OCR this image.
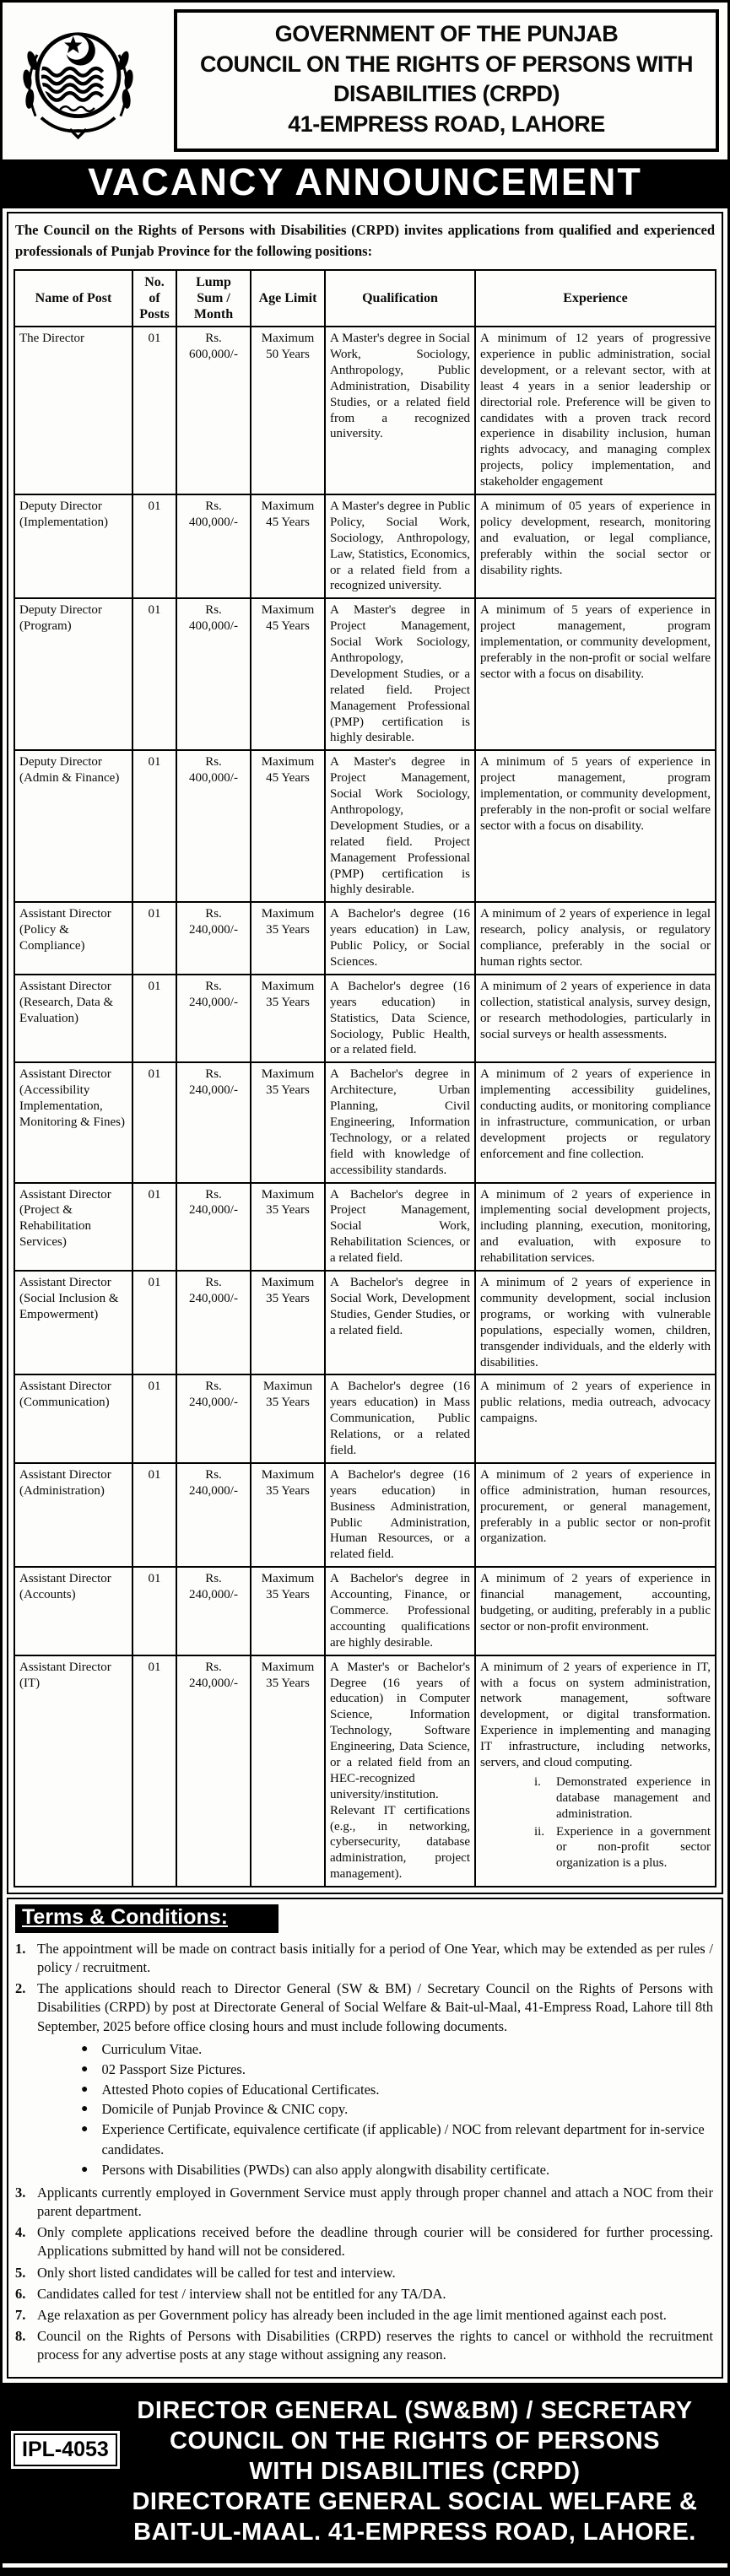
GOVERNMENT OF THE PUNJAB
COUNCIL ON THE RIGHTS OF PERSONS WITH
DISABILITIES (CRPD)
41-EMPRESS ROAD, LAHORE
VACANCY ANNOUNCEMENT
The Council on the Rights of Persons with Disabilities (CRPD) invites applications from qualified and experienced professionals of Punjab Province for the following positions:
Name of Post	No. of Posts	Lump Sum / Month	Age Limit	Qualification	Experience
The Director	01	Rs. 600,000/-	Maximum 50 Years	A Master's degree in Social Work, Sociology, Anthropology, Public Administration, Disability Studies, or a related field from a recognized university.	A minimum of 12 years of progressive experience in public administration, social development, or a relevant sector, with at least 4 years in a senior leadership or directorial role. Preference will be given to candidates with a proven track record experience in disability inclusion, human rights advocacy, and managing complex projects, policy implementation, and stakeholder engagement

Deputy Director (Implementation)	01	Rs. 400,000/-	Maximum 45 Years	A Master's degree in Public Policy, Social Work, Sociology, Anthropology, Law, Statistics, Economics, or a related field from a recognized university.	A minimum of 05 years of experience in policy development, research, monitoring and evaluation, or legal compliance, preferably within the social sector or disability rights.

Deputy Director (Program)	01	Rs. 400,000/-	Maximum 45 Years	A Master's degree in Project Management, Social Work Sociology, Anthropology, Development Studies, or a related field. Project Management Professional (PMP) certification is highly desirable.	A minimum of 5 years of experience in project management, program implementation, or community development, preferably in the non-profit or social welfare sector with a focus on disability.

Deputy Director (Admin & Finance)	01	Rs. 400,000/-	Maximum 45 Years	A Master's degree in Project Management, Social Work Sociology, Anthropology, Development Studies, or a related field. Project Management Professional (PMP) certification is highly desirable.	A minimum of 5 years of experience in project management, program implementation, or community development, preferably in the non-profit or social welfare sector with a focus on disability.

Assistant Director (Policy & Compliance)	01	Rs. 240,000/-	Maximum 35 Years	A Bachelor's degree (16 years education) in Law, Public Policy, or Social Sciences.	A minimum of 2 years of experience in legal research, policy analysis, or regulatory compliance, preferably in the social or human rights sector.

Assistant Director (Research, Data & Evaluation)	01	Rs. 240,000/-	Maximum 35 Years	A Bachelor's degree (16 years education) in Statistics, Data Science, Sociology, Public Health, or a related field.	A minimum of 2 years of experience in data collection, statistical analysis, survey design, or research methodologies, particularly in social surveys or health assessments.

Assistant Director (Accessibility Implementation, Monitoring & Fines)	01	Rs. 240,000/-	Maximum 35 Years	A Bachelor's degree in Architecture, Urban Planning, Civil Engineering, Information Technology, or a related field with knowledge of accessibility standards.	A minimum of 2 years of experience in implementing accessibility guidelines, conducting audits, or monitoring compliance in infrastructure, communication, or urban development projects or regulatory enforcement and fine collection.

Assistant Director (Project & Rehabilitation Services)	01	Rs. 240,000/-	Maximum 35 Years	A Bachelor's degree in Project Management, Social Work, Rehabilitation Sciences, or a related field.	A minimum of 2 years of experience in implementing social development projects, including planning, execution, monitoring, and evaluation, with exposure to rehabilitation services.

Assistant Director (Social Inclusion & Empowerment)	01	Rs. 240,000/-	Maximum 35 Years	A Bachelor's degree in Social Work, Development Studies, Gender Studies, or a related field.	A minimum of 2 years of experience in community development, social inclusion programs, or working with vulnerable populations, especially women, children, transgender individuals, and the elderly with disabilities.

Assistant Director (Communication)	01	Rs. 240,000/-	Maximun 35 Years	A Bachelor's degree (16 years education) in Mass Communication, Public Relations, or a related field.	A minimum of 2 years of experience in public relations, media outreach, advocacy campaigns.

Assistant Director (Administration)	01	Rs. 240,000/-	Maximum 35 Years	A Bachelor's degree (16 years education) in Business Administration, Public Administration, Human Resources, or a related field.	A minimum of 2 years of experience in office administration, human resources, procurement, or general management, preferably in a public sector or non-profit organization.

Assistant Director (Accounts)	01	Rs. 240,000/-	Maximum 35 Years	A Bachelor's degree in Accounting, Finance, or Commerce. Professional accounting qualifications are highly desirable.	A minimum of 2 years of experience in financial management, accounting, budgeting, or auditing, preferably in a public sector or non-profit environment.

Assistant Director (IT)	01	Rs. 240,000/-	Maximum 35 Years	A Master's or Bachelor's Degree (16 years of education) in Computer Science, Information Technology, Software Engineering, Data Science, or a related field from an HEC-recognized university/institution. Relevant IT certifications (e.g., in networking, cybersecurity, database administration, project management).	
A minimum of 2 years of experience in IT, with a focus on system administration, network management, software development, or digital transformation. Experience in implementing and managing IT infrastructure, including networks, servers, and cloud computing.
i.	Demonstrated experience in database management and administration.
ii. Experience in a government or non-profit sector organization is a plus.
Terms & Conditions:
1. The appointment will be made on contract basis initially for a period of One Year, which may be extended as per rules / policy / recruitment.
2. The applications should reach to Director General (SW & BM) / Secretary Council on the Rights of Persons with Disabilities (CRPD) by post at Directorate General of Social Welfare & Bait-ul-Maal, 41-Empress Road, Lahore till 8th September, 2025 before office closing hours and must include following documents.
● Curriculum Vitae.
● 02 Passport Size Pictures.
● Attested Photo copies of Educational Certificates.
● Domicile of Punjab Province & CNIC copy.
● Experience Certificate, equivalence certificate (if applicable) / NOC from relevant department for in-service candidates.
● Persons with Disabilities (PWDs) can also apply alongwith disability certificate.
3. Applicants currently employed in Government Service must apply through proper channel and attach a NOC from their parent department.
4. Only complete applications received before the deadline through courier will be considered for further processing. Applications submitted by hand will not be considered.
5. Only short listed candidates will be called for test and interview.
6. Candidates called for test / interview shall not be entitled for any TA/DA.
7. Age relaxation as per Government policy has already been included in the age limit mentioned against each post.
8. Council on the Rights of Persons with Disabilities (CRPD) reserves the rights to cancel or withhold the recruitment process for any advertise posts at any stage without assigning any reason.
IPL-4053
DIRECTOR GENERAL (SW&BM) / SECRETARY
COUNCIL ON THE RIGHTS OF PERSONS
WITH DISABILITIES (CRPD)
DIRECTORATE GENERAL SOCIAL WELFARE &
BAIT-UL-MAAL. 41-EMPRESS ROAD, LAHORE.
